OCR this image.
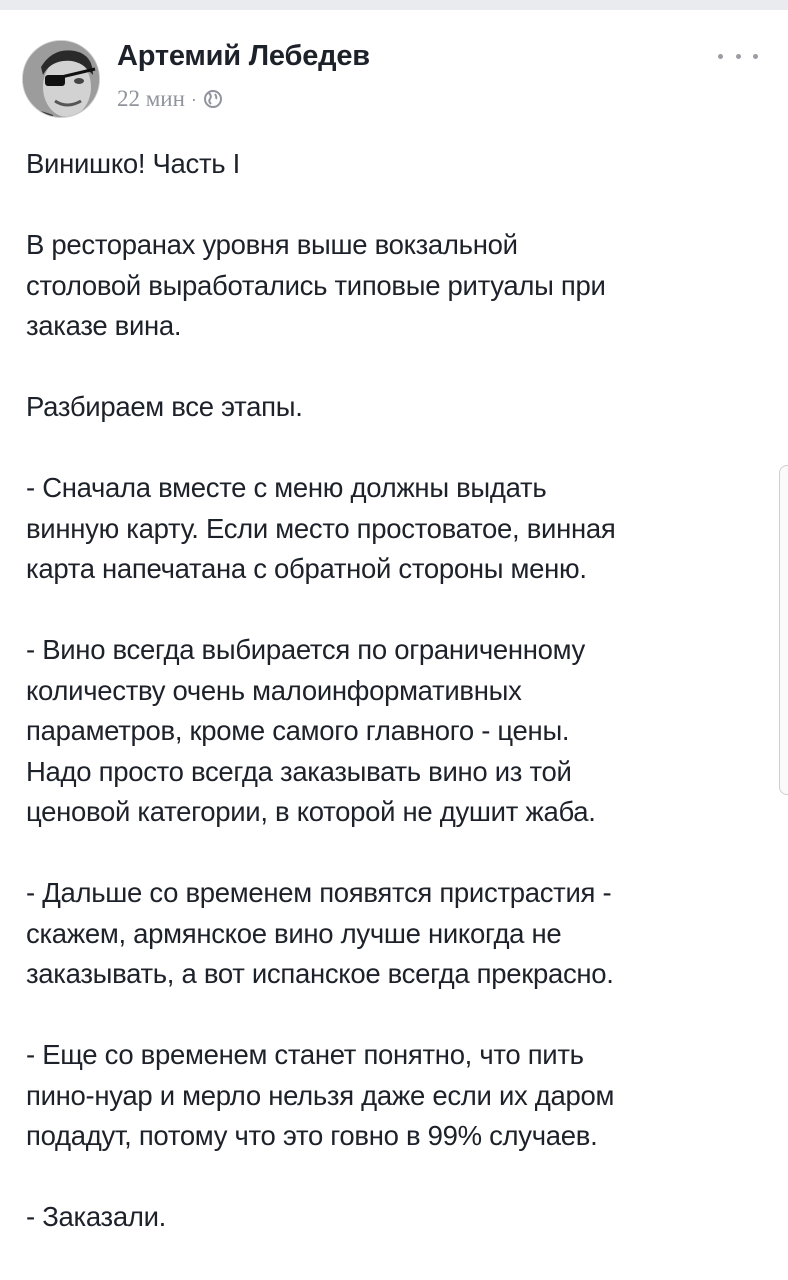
Артемий Лебедев
22 мин ·
Винишко! Часть I
В ресторанах уровня выше вокзальной
столовой выработались типовые ритуалы при
заказе вина.
Разбираем все этапы.
- Сначала вместе с меню должны выдать
винную карту. Если место простоватое, винная
карта напечатана с обратной стороны меню.
- Вино всегда выбирается по ограниченному
количеству очень малоинформативных
параметров, кроме самого главного - цены.
Надо просто всегда заказывать вино из той
ценовой категории, в которой не душит жаба.
- Дальше со временем появятся пристрастия -
скажем, армянское вино лучше никогда не
заказывать, а вот испанское всегда прекрасно.
- Еще со временем станет понятно, что пить
пино-нуар и мерло нельзя даже если их даром
подадут, потому что это говно в 99% случаев.
- Заказали.
